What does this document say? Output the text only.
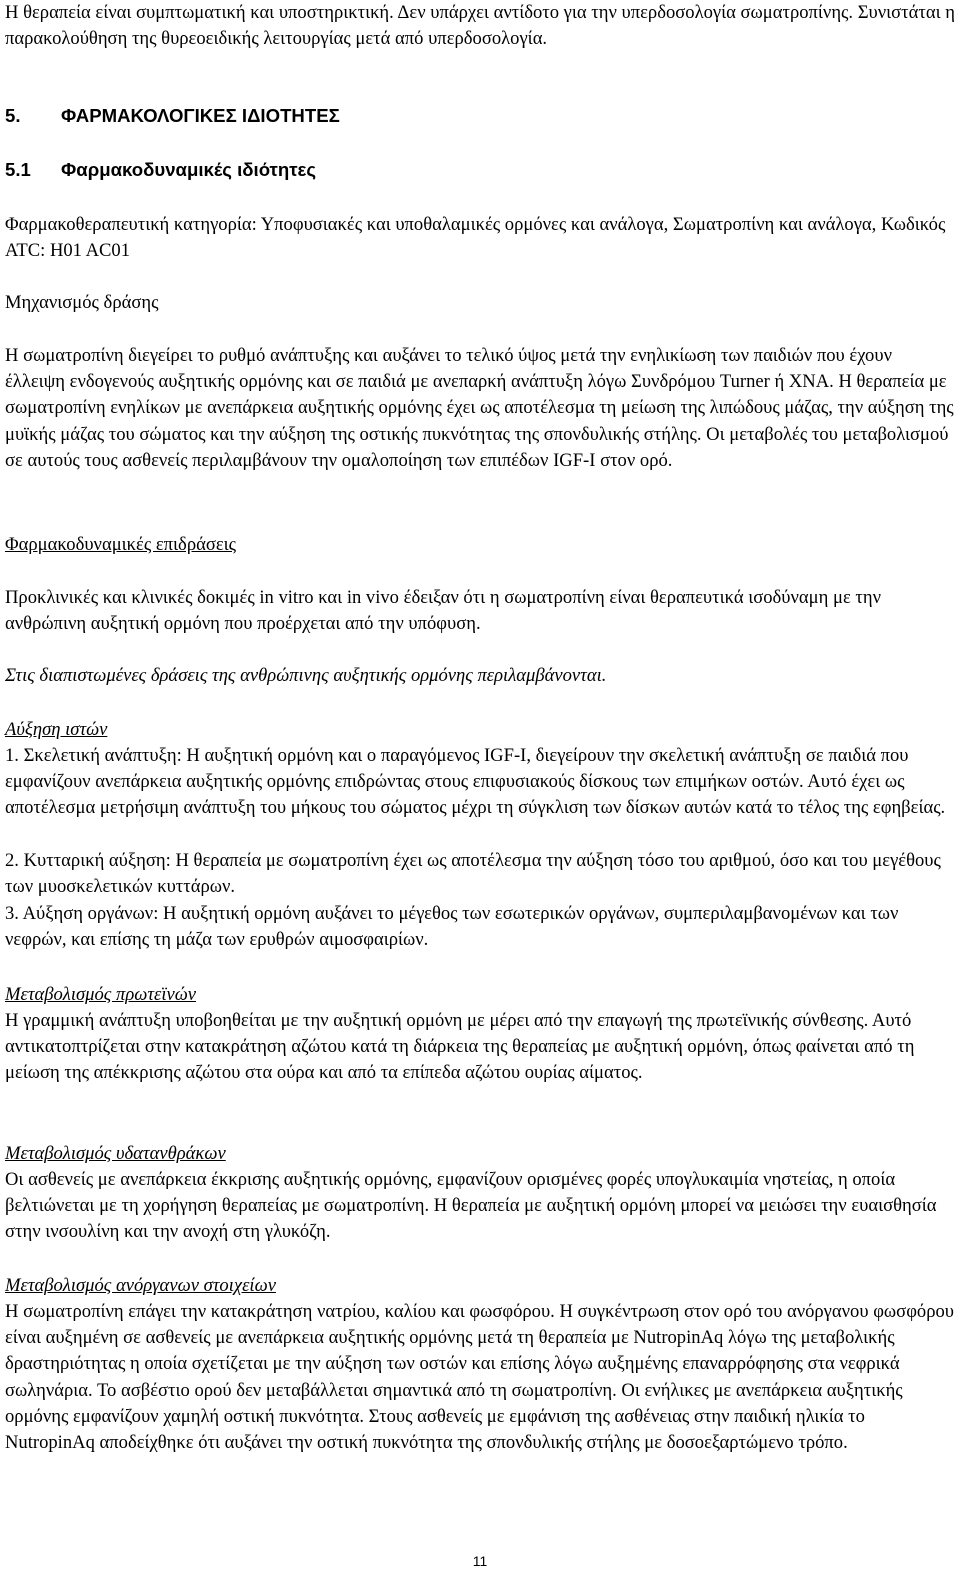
Η θεραπεία είναι συμπτωματική και υποστηρικτική. Δεν υπάρχει αντίδοτο για την υπερδοσολογία σωματροπίνης. Συνιστάται η παρακολούθηση της θυρεοειδικής λειτουργίας μετά από υπερδοσολογία.

5. ΦΑΡΜΑΚΟΛΟΓΙΚΕΣ ΙΔΙΟΤΗΤΕΣ
5.1 Φαρμακοδυναμικές ιδιότητες

Φαρμακοθεραπευτική κατηγορία: Υποφυσιακές και υποθαλαμικές ορμόνες και ανάλογα, Σωματροπίνη και ανάλογα, Κωδικός ATC: H01 AC01

Μηχανισμός δράσης

Η σωματροπίνη διεγείρει το ρυθμό ανάπτυξης και αυξάνει το τελικό ύψος μετά την ενηλικίωση των παιδιών που έχουν έλλειψη ενδογενούς αυξητικής ορμόνης και σε παιδιά με ανεπαρκή ανάπτυξη λόγω Συνδρόμου Turner ή ΧΝΑ. Η θεραπεία με σωματροπίνη ενηλίκων με ανεπάρκεια αυξητικής ορμόνης έχει ως αποτέλεσμα τη μείωση της λιπώδους μάζας, την αύξηση της μυϊκής μάζας του σώματος και την αύξηση της οστικής πυκνότητας της σπονδυλικής στήλης. Οι μεταβολές του μεταβολισμού σε αυτούς τους ασθενείς περιλαμβάνουν την ομαλοποίηση των επιπέδων IGF-I στον ορό.

Φαρμακοδυναμικές επιδράσεις

Προκλινικές και κλινικές δοκιμές in vitro και in vivo έδειξαν ότι η σωματροπίνη είναι θεραπευτικά ισοδύναμη με την ανθρώπινη αυξητική ορμόνη που προέρχεται από την υπόφυση.

Στις διαπιστωμένες δράσεις της ανθρώπινης αυξητικής ορμόνης περιλαμβάνονται.

Αύξηση ιστών

1. Σκελετική ανάπτυξη: Η αυξητική ορμόνη και ο παραγόμενος IGF-I, διεγείρουν την σκελετική ανάπτυξη σε παιδιά που εμφανίζουν ανεπάρκεια αυξητικής ορμόνης επιδρώντας στους επιφυσιακούς δίσκους των επιμήκων οστών. Αυτό έχει ως αποτέλεσμα μετρήσιμη ανάπτυξη του μήκους του σώματος μέχρι τη σύγκλιση των δίσκων αυτών κατά το τέλος της εφηβείας.

2. Κυτταρική αύξηση: Η θεραπεία με σωματροπίνη έχει ως αποτέλεσμα την αύξηση τόσο του αριθμού, όσο και του μεγέθους των μυοσκελετικών κυττάρων.

3. Αύξηση οργάνων: Η αυξητική ορμόνη αυξάνει το μέγεθος των εσωτερικών οργάνων, συμπεριλαμβανομένων και των νεφρών, και επίσης τη μάζα των ερυθρών αιμοσφαιρίων.

Μεταβολισμός πρωτεϊνών

Η γραμμική ανάπτυξη υποβοηθείται με την αυξητική ορμόνη με μέρει από την επαγωγή της πρωτεϊνικής σύνθεσης. Αυτό αντικατοπτρίζεται στην κατακράτηση αζώτου κατά τη διάρκεια της θεραπείας με αυξητική ορμόνη, όπως φαίνεται από τη μείωση της απέκκρισης αζώτου στα ούρα και από τα επίπεδα αζώτου ουρίας αίματος.

Μεταβολισμός υδατανθράκων

Οι ασθενείς με ανεπάρκεια έκκρισης αυξητικής ορμόνης, εμφανίζουν ορισμένες φορές υπογλυκαιμία νηστείας, η οποία βελτιώνεται με τη χορήγηση θεραπείας με σωματροπίνη. Η θεραπεία με αυξητική ορμόνη μπορεί να μειώσει την ευαισθησία στην ινσουλίνη και την ανοχή στη γλυκόζη.

Μεταβολισμός ανόργανων στοιχείων

Η σωματροπίνη επάγει την κατακράτηση νατρίου, καλίου και φωσφόρου. Η συγκέντρωση στον ορό του ανόργανου φωσφόρου είναι αυξημένη σε ασθενείς με ανεπάρκεια αυξητικής ορμόνης μετά τη θεραπεία με NutropinAq λόγω της μεταβολικής δραστηριότητας η οποία σχετίζεται με την αύξηση των οστών και επίσης λόγω αυξημένης επαναρρόφησης στα νεφρικά σωληνάρια. Το ασβέστιο ορού δεν μεταβάλλεται σημαντικά από τη σωματροπίνη. Οι ενήλικες με ανεπάρκεια αυξητικής ορμόνης εμφανίζουν χαμηλή οστική πυκνότητα. Στους ασθενείς με εμφάνιση της ασθένειας στην παιδική ηλικία το NutropinAq αποδείχθηκε ότι αυξάνει την οστική πυκνότητα της σπονδυλικής στήλης με δοσοεξαρτώμενο τρόπο.

11
